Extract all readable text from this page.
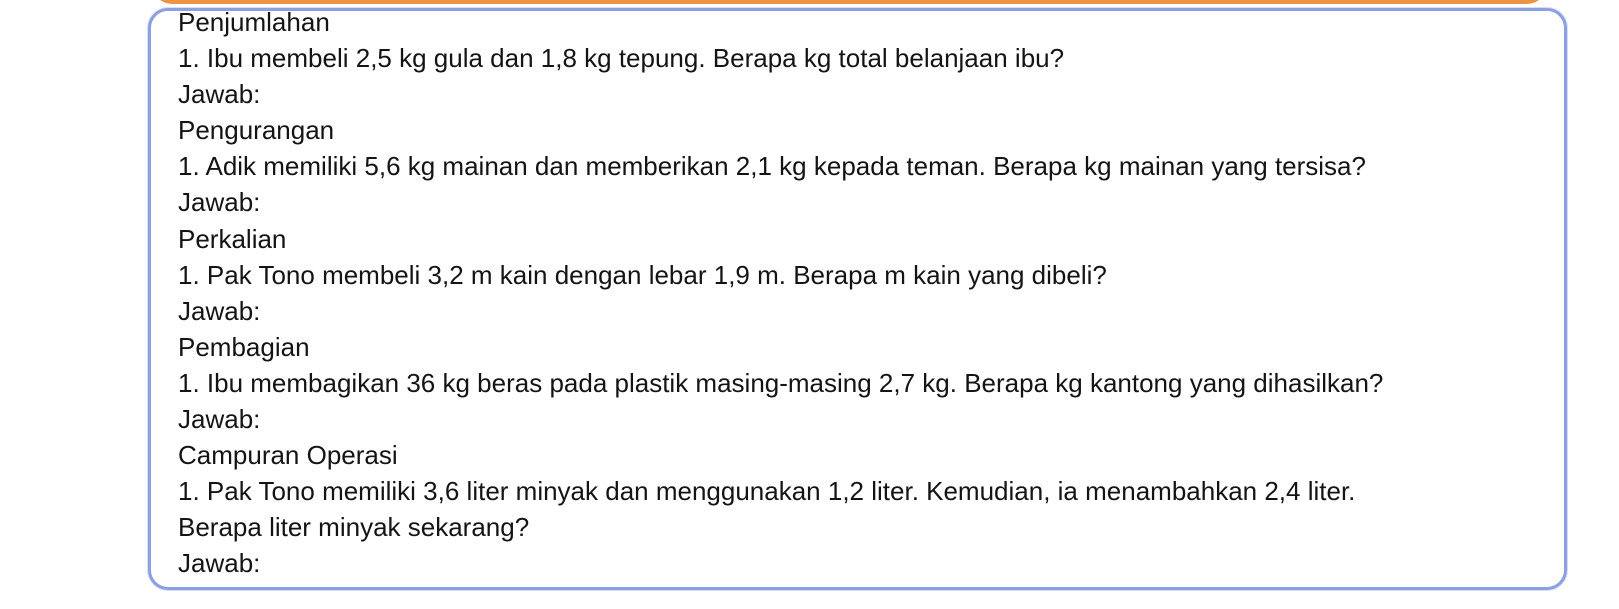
Penjumlahan
1. Ibu membeli 2,5 kg gula dan 1,8 kg tepung. Berapa kg total belanjaan ibu?
Jawab:
Pengurangan
1. Adik memiliki 5,6 kg mainan dan memberikan 2,1 kg kepada teman. Berapa kg mainan yang tersisa?
Jawab:
Perkalian
1. Pak Tono membeli 3,2 m kain dengan lebar 1,9 m. Berapa m kain yang dibeli?
Jawab:
Pembagian
1. Ibu membagikan 36 kg beras pada plastik masing-masing 2,7 kg. Berapa kg kantong yang dihasilkan?
Jawab:
Campuran Operasi
1. Pak Tono memiliki 3,6 liter minyak dan menggunakan 1,2 liter. Kemudian, ia menambahkan 2,4 liter.
Berapa liter minyak sekarang?
Jawab:
